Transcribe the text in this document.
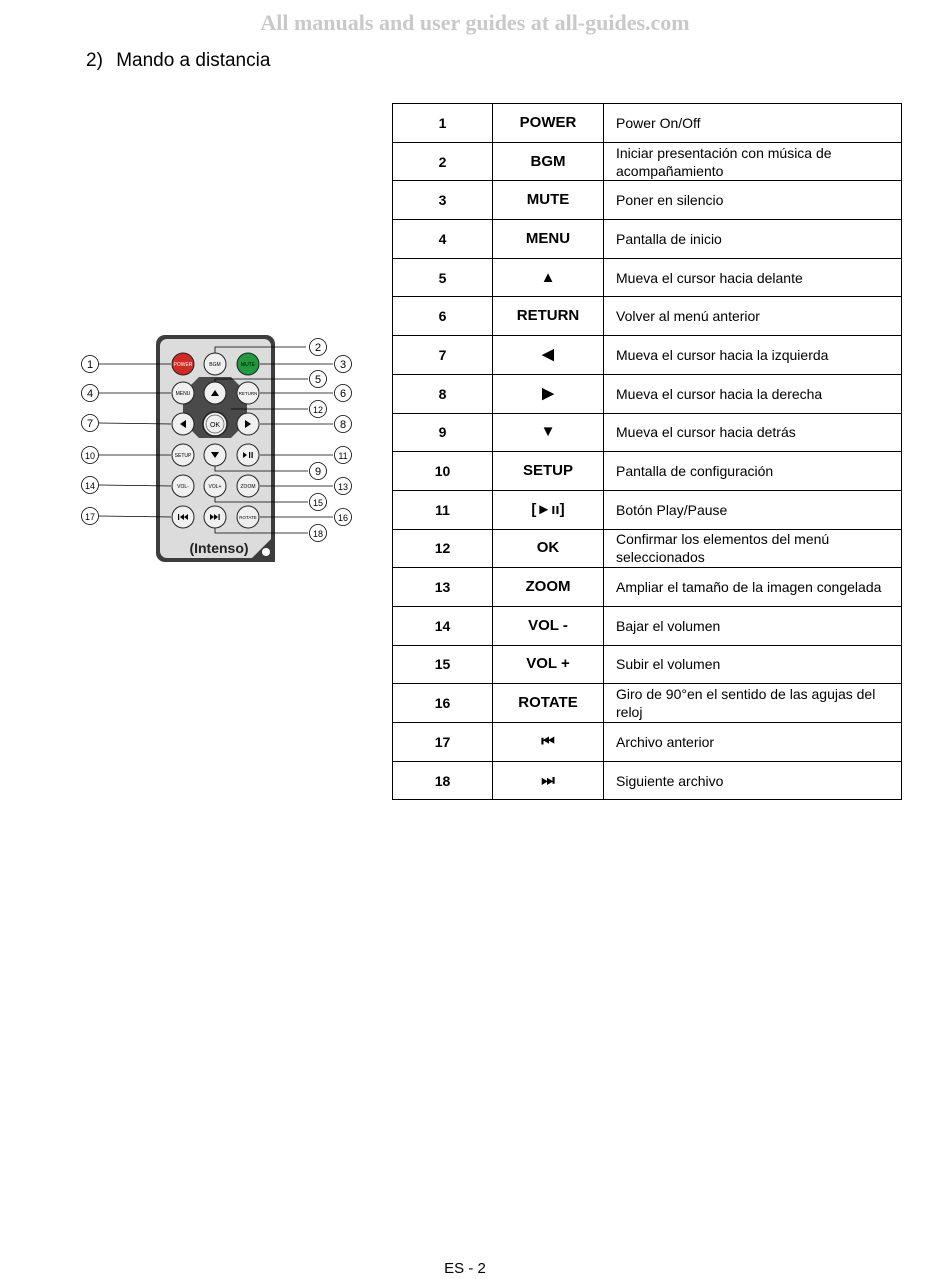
All manuals and user guides at all-guides.com
2) Mando a distancia
POWER	BGM	MUTE
MENU	RETURN
OK
SETUP
VOL-	VOL+	ZOOM
ROTATE
(Intenso)
1
2
3
4
5
6
7	8
9
10	11
12
13
14
15
16
17
18
1	POWER	Power On/Off
2	BGM	Iniciar presentación con música de acompañamiento
3	MUTE	Poner en silencio
4	MENU	Pantalla de inicio
5	▲	Mueva el cursor hacia delante
6	RETURN	Volver al menú anterior
7	◀	Mueva el cursor hacia la izquierda
8	▶	Mueva el cursor hacia la derecha
9	▼	Mueva el cursor hacia detrás
10	SETUP	Pantalla de configuración
11	[►ıı]	Botón Play/Pause
12	OK	Confirmar los elementos del menú seleccionados
13	ZOOM	Ampliar el tamaño de la imagen congelada
14	VOL -	Bajar el volumen
15	VOL +	Subir el volumen
16	ROTATE	Giro de 90°en el sentido de las agujas del reloj
17	⏮	Archivo anterior
18	⏭	Siguiente archivo
ES - 2
